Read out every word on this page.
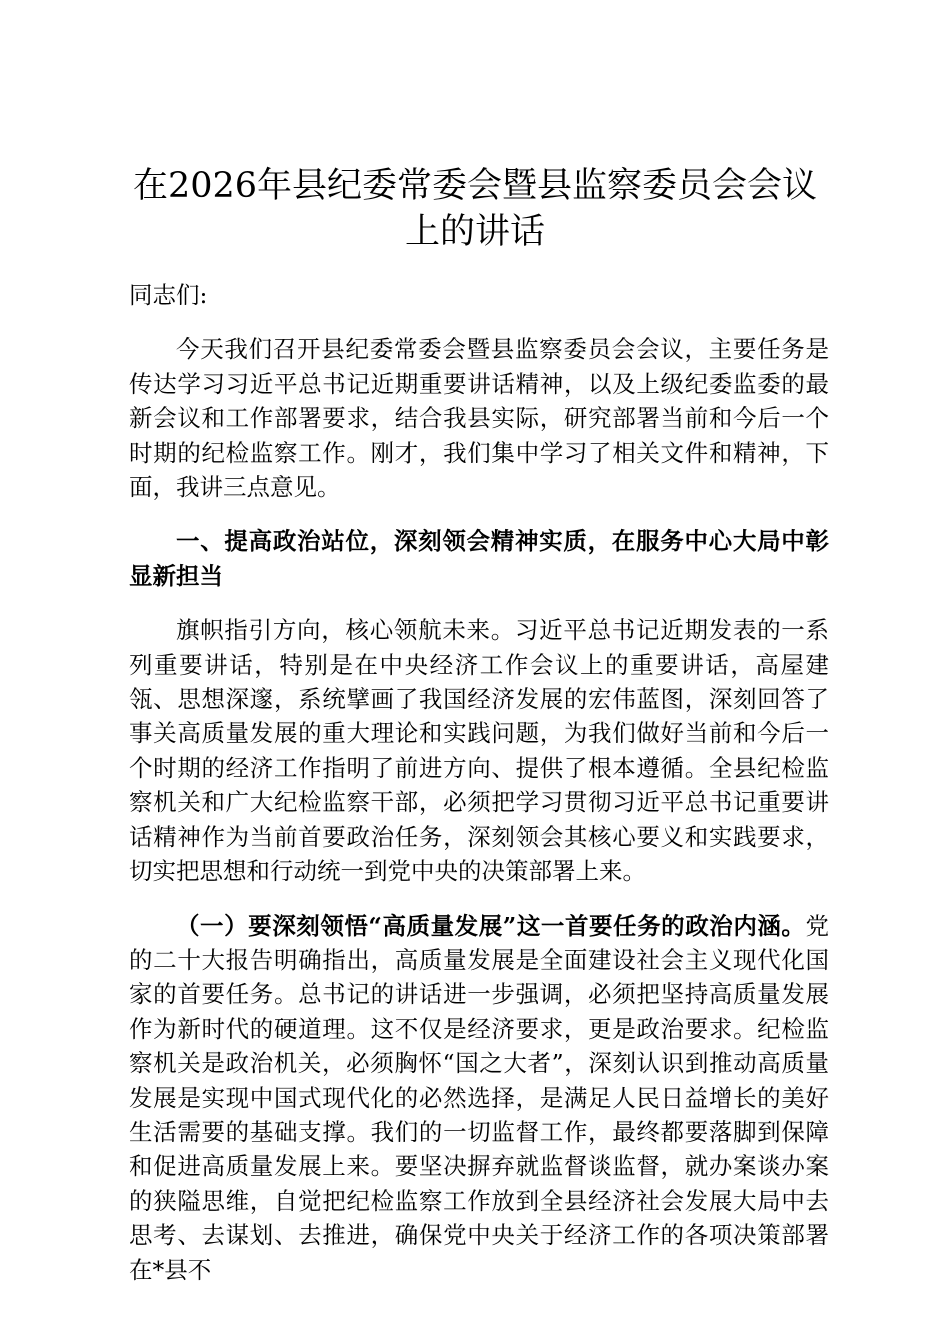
在2026年县纪委常委会暨县监察委员会会议
上的讲话

同志们:

今天我们召开县纪委常委会暨县监察委员会会议，主要任务是传达学习习近平总书记近期重要讲话精神，以及上级纪委监委的最新会议和工作部署要求，结合我县实际，研究部署当前和今后一个时期的纪检监察工作。刚才，我们集中学习了相关文件和精神，下面，我讲三点意见。

一、提高政治站位，深刻领会精神实质，在服务中心大局中彰显新担当

旗帜指引方向，核心领航未来。习近平总书记近期发表的一系列重要讲话，特别是在中央经济工作会议上的重要讲话，高屋建瓴、思想深邃，系统擘画了我国经济发展的宏伟蓝图，深刻回答了事关高质量发展的重大理论和实践问题，为我们做好当前和今后一个时期的经济工作指明了前进方向、提供了根本遵循。全县纪检监察机关和广大纪检监察干部，必须把学习贯彻习近平总书记重要讲话精神作为当前首要政治任务，深刻领会其核心要义和实践要求，切实把思想和行动统一到党中央的决策部署上来。

（一）要深刻领悟“高质量发展”这一首要任务的政治内涵。党的二十大报告明确指出，高质量发展是全面建设社会主义现代化国家的首要任务。总书记的讲话进一步强调，必须把坚持高质量发展作为新时代的硬道理。这不仅是经济要求，更是政治要求。纪检监察机关是政治机关，必须胸怀“国之大者”，深刻认识到推动高质量发展是实现中国式现代化的必然选择，是满足人民日益增长的美好生活需要的基础支撑。我们的一切监督工作，最终都要落脚到保障和促进高质量发展上来。要坚决摒弃就监督谈监督，就办案谈办案的狭隘思维，自觉把纪检监察工作放到全县经济社会发展大局中去思考、去谋划、去推进，确保党中央关于经济工作的各项决策部署在*县不
